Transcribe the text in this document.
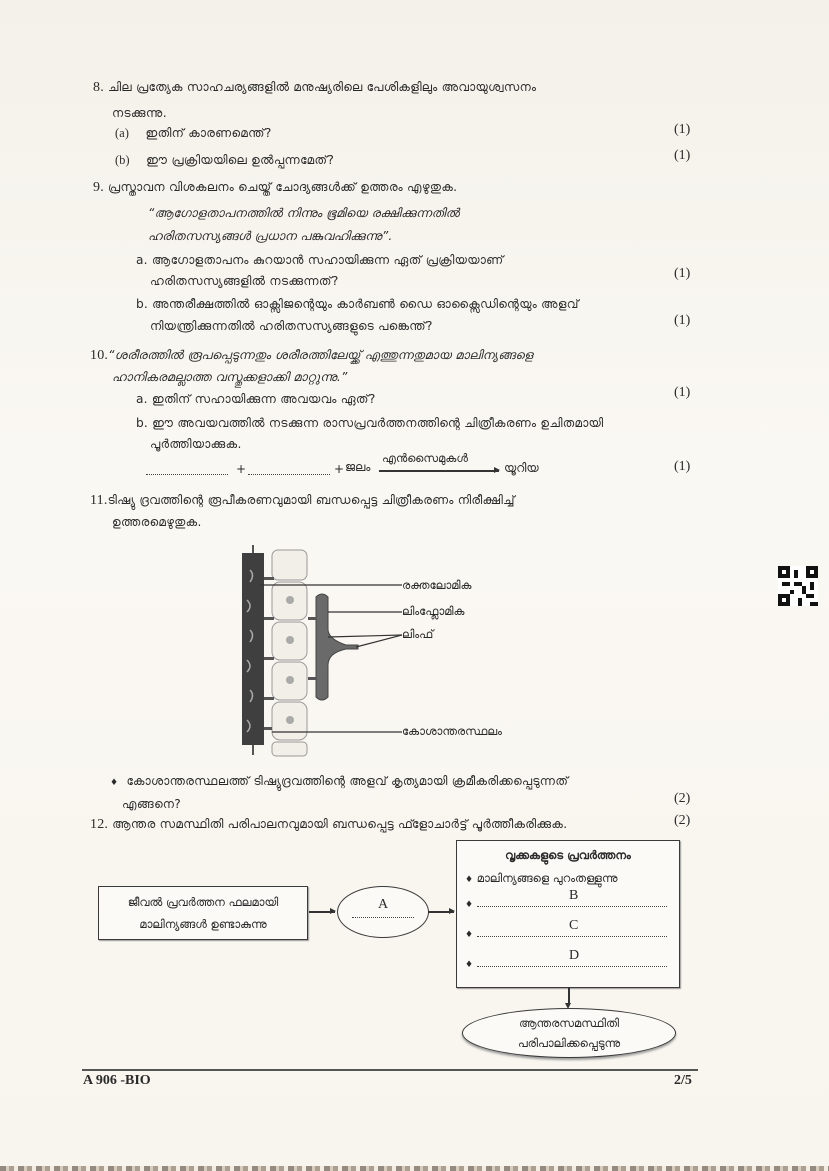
8. ചില പ്രത്യേക സാഹചര്യങ്ങളിൽ മനുഷ്യരിലെ പേശികളിലും അവായുശ്വസനം
നടക്കുന്നു.
(a) ഇതിന് കാരണമെന്ത്?	(1)
(b) ഈ പ്രക്രിയയിലെ ഉൽപ്പന്നമേത്?	(1)
9. പ്രസ്താവന വിശകലനം ചെയ്ത് ചോദ്യങ്ങൾക്ക് ഉത്തരം എഴുതുക.
“ആഗോളതാപനത്തിൽ നിന്നും ഭൂമിയെ രക്ഷിക്കുന്നതിൽ
ഹരിതസസ്യങ്ങൾ പ്രധാന പങ്കുവഹിക്കുന്നു”.
a. ആഗോളതാപനം കുറയാൻ സഹായിക്കുന്ന ഏത് പ്രക്രിയയാണ്
ഹരിതസസ്യങ്ങളിൽ നടക്കുന്നത്?	(1)
b. അന്തരീക്ഷത്തിൽ ഓക്സിജന്റെയും കാർബൺ ഡൈ ഓക്സൈഡിന്റെയും അളവ്
നിയന്ത്രിക്കുന്നതിൽ ഹരിതസസ്യങ്ങളുടെ പങ്കെന്ത്?	(1)
10.“ശരീരത്തിൽ രൂപപ്പെടുന്നതും ശരീരത്തിലേയ്ക്ക് എത്തുന്നതുമായ മാലിന്യങ്ങളെ
ഹാനികരമല്ലാത്ത വസ്തുക്കളാക്കി മാറ്റുന്നു.”
a. ഇതിന് സഹായിക്കുന്ന അവയവം ഏത്?	(1)
b. ഈ അവയവത്തിൽ നടക്കുന്ന രാസപ്രവർത്തനത്തിന്റെ ചിത്രീകരണം ഉചിതമായി
പൂർത്തിയാക്കുക.
+	+ ജലം
എൻസൈമുകൾ
യൂറിയ	(1)
11.ടിഷ്യു ദ്രവത്തിന്റെ രൂപീകരണവുമായി ബന്ധപ്പെട്ട ചിത്രീകരണം നിരീക്ഷിച്ച്
ഉത്തരമെഴുതുക.
രക്തലോമിക
ലിംഫ്ലോമിക
ലിംഫ്
കോശാന്തരസ്ഥലം
♦ കോശാന്തരസ്ഥലത്ത് ടിഷ്യുദ്രവത്തിന്റെ അളവ് കൃത്യമായി ക്രമീകരിക്കപ്പെടുന്നത്
എങ്ങനെ?	(2)
12. ആന്തര സമസ്ഥിതി പരിപാലനവുമായി ബന്ധപ്പെട്ട ഫ്ളോചാർട്ട് പൂർത്തീകരിക്കുക.	(2)
ജീവൽ പ്രവർത്തന ഫലമായി
മാലിന്യങ്ങൾ ഉണ്ടാകുന്നു
A
വൃക്കകളുടെ പ്രവർത്തനം
♦ മാലിന്യങ്ങളെ പുറംതള്ളുന്നു
♦
B
♦
C
♦
D
ആന്തരസമസ്ഥിതി
പരിപാലിക്കപ്പെടുന്നു
A 906 -BIO	2/5
